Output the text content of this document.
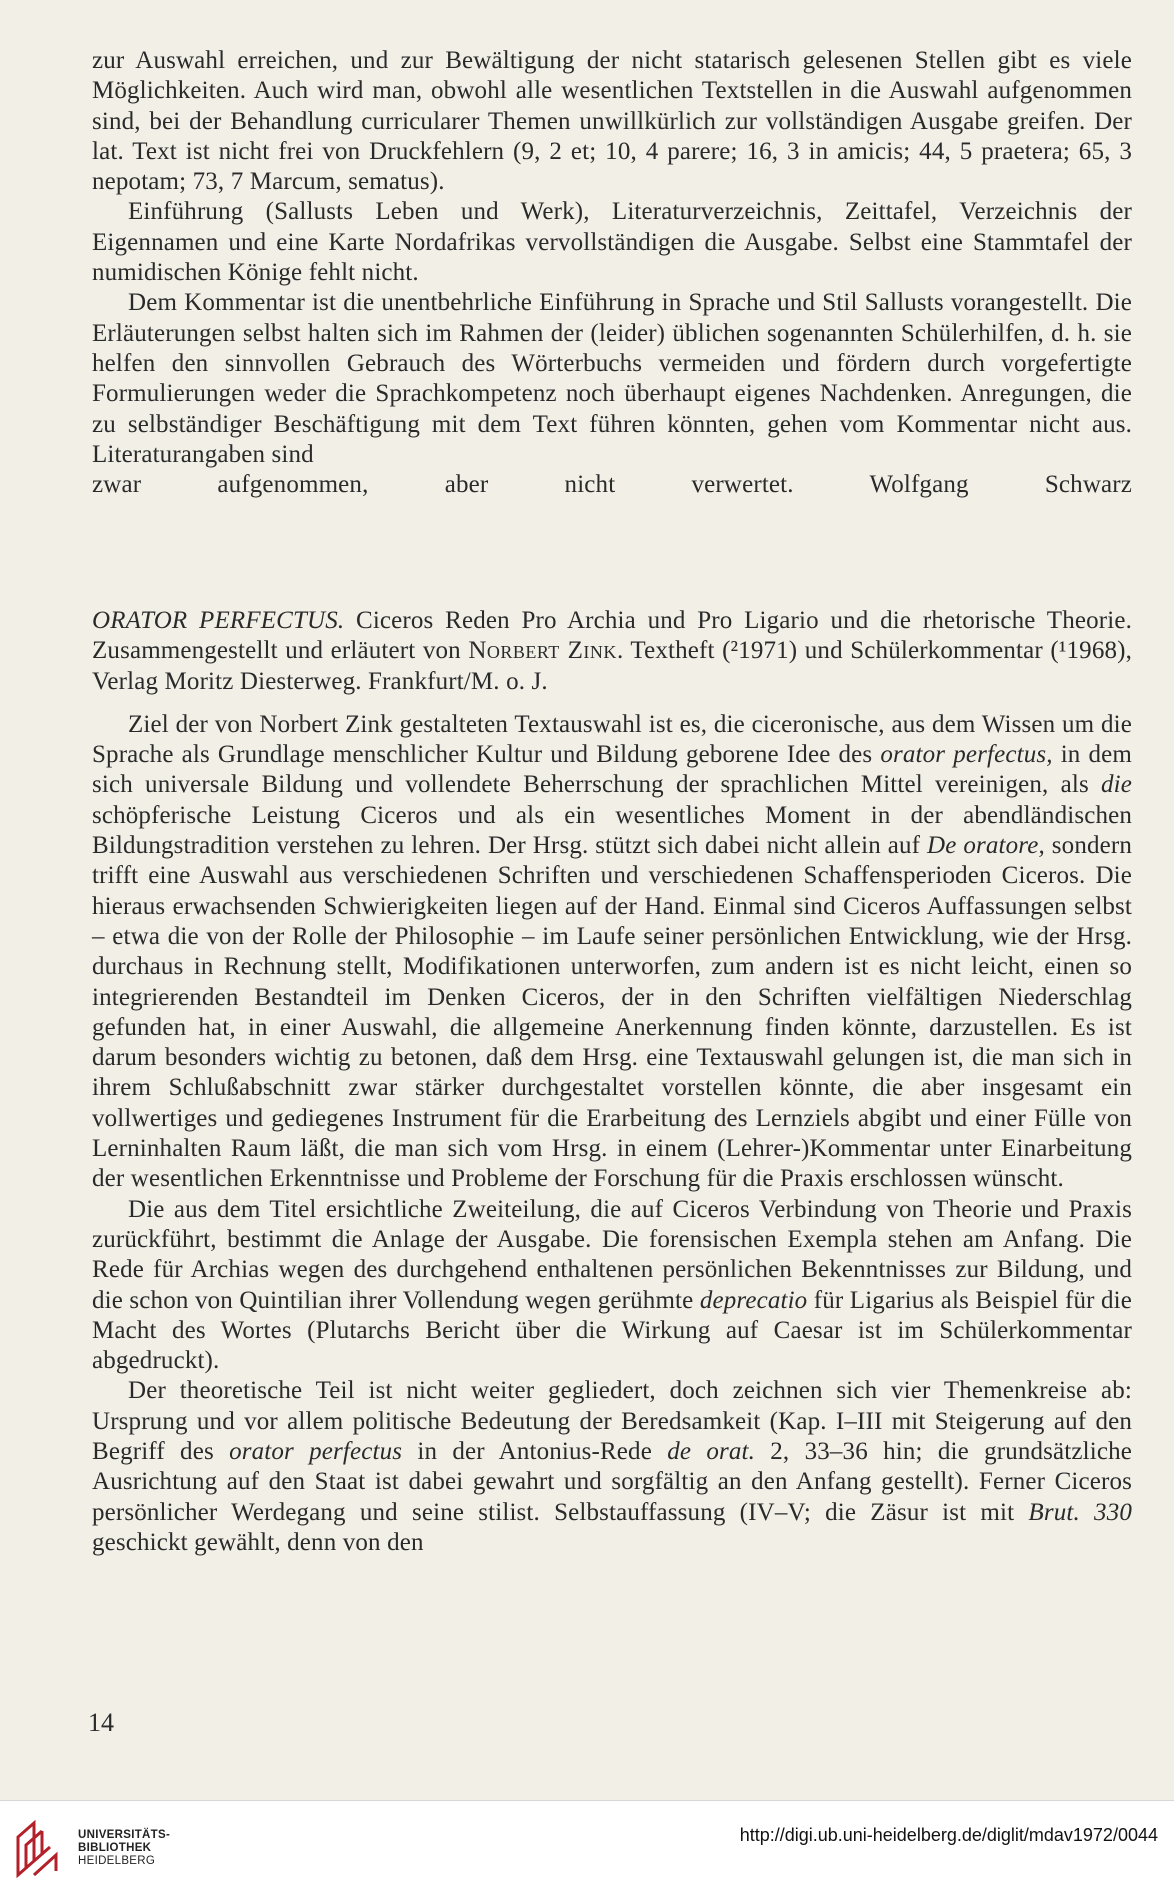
zur Auswahl erreichen, und zur Bewältigung der nicht statarisch gelesenen Stellen gibt es viele Möglichkeiten. Auch wird man, obwohl alle wesentlichen Textstellen in die Auswahl aufgenommen sind, bei der Behandlung curricularer Themen unwillkürlich zur vollständigen Ausgabe greifen. Der lat. Text ist nicht frei von Druckfehlern (9, 2 et; 10, 4 parere; 16, 3 in amicis; 44, 5 praetera; 65, 3 nepotam; 73, 7 Marcum, sematus).

Einführung (Sallusts Leben und Werk), Literaturverzeichnis, Zeittafel, Verzeichnis der Eigennamen und eine Karte Nordafrikas vervollständigen die Ausgabe. Selbst eine Stammtafel der numidischen Könige fehlt nicht.

Dem Kommentar ist die unentbehrliche Einführung in Sprache und Stil Sallusts vorangestellt. Die Erläuterungen selbst halten sich im Rahmen der (leider) üblichen sogenannten Schülerhilfen, d. h. sie helfen den sinnvollen Gebrauch des Wörterbuchs vermeiden und fördern durch vorgefertigte Formulierungen weder die Sprachkompetenz noch überhaupt eigenes Nachdenken. Anregungen, die zu selbständiger Beschäftigung mit dem Text führen könnten, gehen vom Kommentar nicht aus. Literaturangaben sind

zwar aufgenommen, aber nicht verwertet.	Wolfgang Schwarz

ORATOR PERFECTUS. Ciceros Reden Pro Archia und Pro Ligario und die rhetorische Theorie. Zusammengestellt und erläutert von Norbert Zink. Textheft (²1971) und Schülerkommentar (¹1968), Verlag Moritz Diesterweg. Frankfurt/M. o. J.

Ziel der von Norbert Zink gestalteten Textauswahl ist es, die ciceronische, aus dem Wissen um die Sprache als Grundlage menschlicher Kultur und Bildung geborene Idee des orator perfectus, in dem sich universale Bildung und vollendete Beherrschung der sprachlichen Mittel vereinigen, als die schöpferische Leistung Ciceros und als ein wesentliches Moment in der abendländischen Bildungstradition verstehen zu lehren. Der Hrsg. stützt sich dabei nicht allein auf De oratore, sondern trifft eine Auswahl aus verschiedenen Schriften und verschiedenen Schaffensperioden Ciceros. Die hieraus erwachsenden Schwierigkeiten liegen auf der Hand. Einmal sind Ciceros Auffassungen selbst – etwa die von der Rolle der Philosophie – im Laufe seiner persönlichen Entwicklung, wie der Hrsg. durchaus in Rechnung stellt, Modifikationen unterworfen, zum andern ist es nicht leicht, einen so integrierenden Bestandteil im Denken Ciceros, der in den Schriften vielfältigen Niederschlag gefunden hat, in einer Auswahl, die allgemeine Anerkennung finden könnte, darzustellen. Es ist darum besonders wichtig zu betonen, daß dem Hrsg. eine Textauswahl gelungen ist, die man sich in ihrem Schlußabschnitt zwar stärker durchgestaltet vorstellen könnte, die aber insgesamt ein vollwertiges und gediegenes Instrument für die Erarbeitung des Lernziels abgibt und einer Fülle von Lerninhalten Raum läßt, die man sich vom Hrsg. in einem (Lehrer-)Kommentar unter Einarbeitung der wesentlichen Erkenntnisse und Probleme der Forschung für die Praxis erschlossen wünscht.

Die aus dem Titel ersichtliche Zweiteilung, die auf Ciceros Verbindung von Theorie und Praxis zurückführt, bestimmt die Anlage der Ausgabe. Die forensischen Exempla stehen am Anfang. Die Rede für Archias wegen des durchgehend enthaltenen persönlichen Bekenntnisses zur Bildung, und die schon von Quintilian ihrer Vollendung wegen gerühmte deprecatio für Ligarius als Beispiel für die Macht des Wortes (Plutarchs Bericht über die Wirkung auf Caesar ist im Schülerkommentar abgedruckt).

Der theoretische Teil ist nicht weiter gegliedert, doch zeichnen sich vier Themenkreise ab: Ursprung und vor allem politische Bedeutung der Beredsamkeit (Kap. I–III mit Steigerung auf den Begriff des orator perfectus in der Antonius-Rede de orat. 2, 33–36 hin; die grundsätzliche Ausrichtung auf den Staat ist dabei gewahrt und sorgfältig an den Anfang gestellt). Ferner Ciceros persönlicher Werdegang und seine stilist. Selbstauffassung (IV–V; die Zäsur ist mit Brut. 330 geschickt gewählt, denn von den

14
UNIVERSITÄTS-
BIBLIOTHEK
HEIDELBERG
http://digi.ub.uni-heidelberg.de/diglit/mdav1972/0044
